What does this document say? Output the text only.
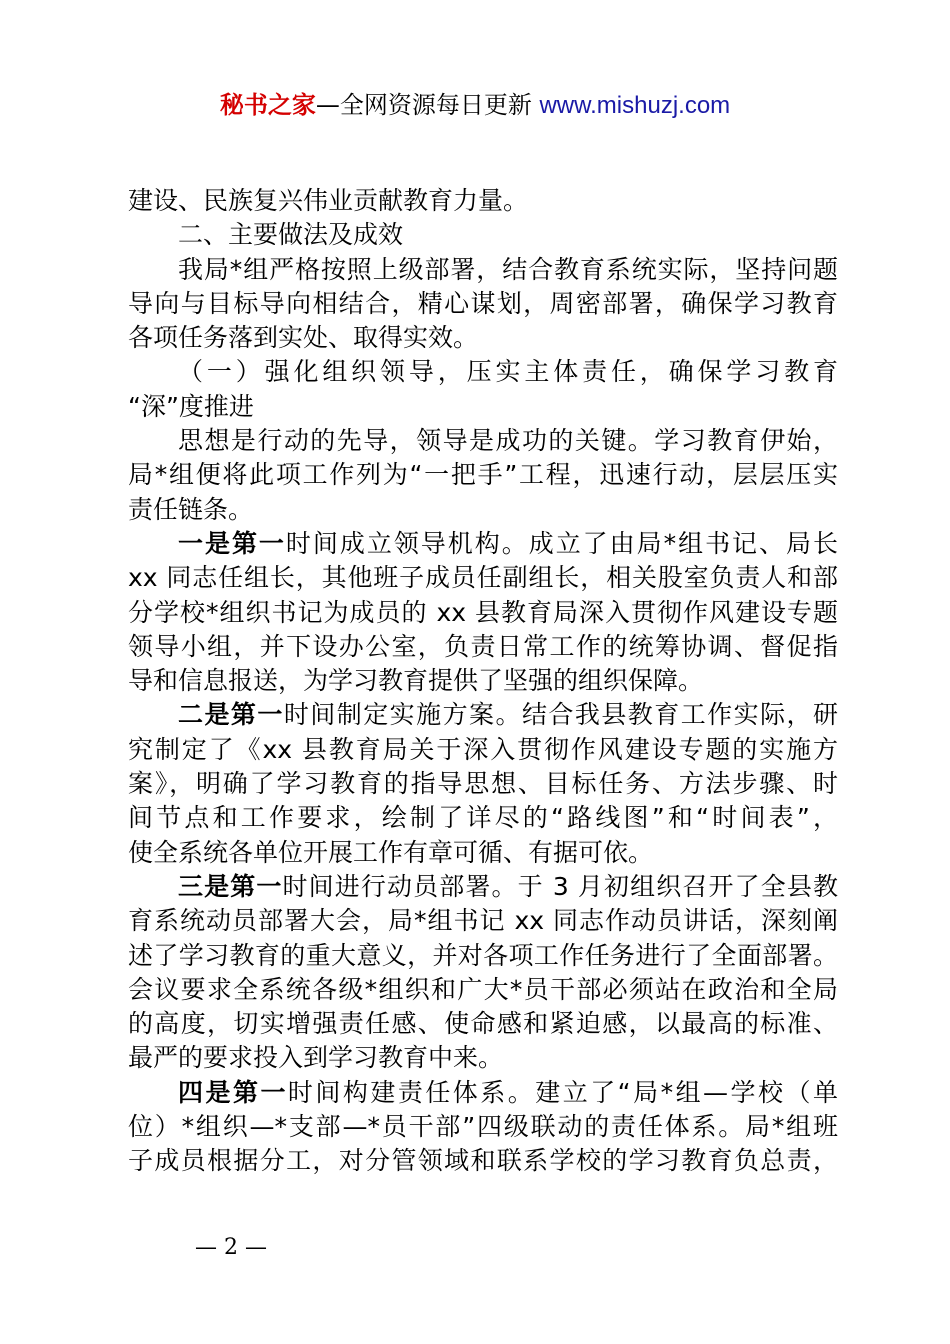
秘书之家—全网资源每日更新 www.mishuzj.com
建设、民族复兴伟业贡献教育力量。
二、主要做法及成效
我局*组严格按照上级部署，结合教育系统实际，坚持问题
导向与目标导向相结合，精心谋划，周密部署，确保学习教育
各项任务落到实处、取得实效。
（一）强化组织领导，压实主体责任，确保学习教育
“深”度推进
思想是行动的先导，领导是成功的关键。学习教育伊始，
局*组便将此项工作列为“一把手”工程，迅速行动，层层压实
责任链条。
一是第一时间成立领导机构。成立了由局*组书记、局长
xx 同志任组长，其他班子成员任副组长，相关股室负责人和部
分学校*组织书记为成员的 xx 县教育局深入贯彻作风建设专题
领导小组，并下设办公室，负责日常工作的统筹协调、督促指
导和信息报送，为学习教育提供了坚强的组织保障。
二是第一时间制定实施方案。结合我县教育工作实际，研
究制定了《xx 县教育局关于深入贯彻作风建设专题的实施方
案》，明确了学习教育的指导思想、目标任务、方法步骤、时
间节点和工作要求，绘制了详尽的“路线图”和“时间表”，
使全系统各单位开展工作有章可循、有据可依。
三是第一时间进行动员部署。于 3 月初组织召开了全县教
育系统动员部署大会，局*组书记 xx 同志作动员讲话，深刻阐
述了学习教育的重大意义，并对各项工作任务进行了全面部署。
会议要求全系统各级*组织和广大*员干部必须站在政治和全局
的高度，切实增强责任感、使命感和紧迫感，以最高的标准、
最严的要求投入到学习教育中来。
四是第一时间构建责任体系。建立了“局*组—学校（单
位）*组织—*支部—*员干部”四级联动的责任体系。局*组班
子成员根据分工，对分管领域和联系学校的学习教育负总责，
— 2 —
